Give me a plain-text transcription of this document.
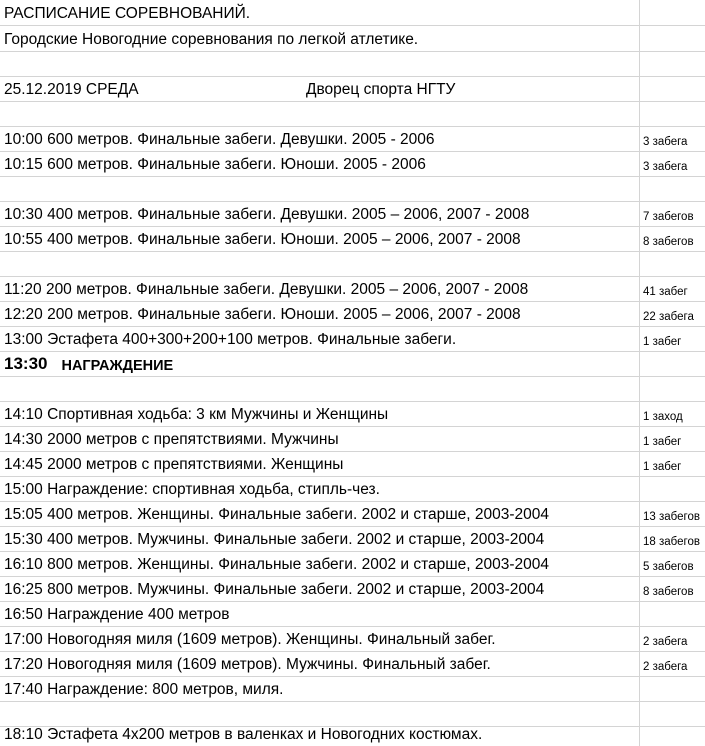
РАСПИСАНИЕ СОРЕВНОВАНИЙ.
Городские Новогодние соревнования по легкой атлетике.
25.12.2019 СРЕДА	Дворец спорта НГТУ
10:00 600 метров. Финальные забеги. Девушки. 2005 - 2006	3 забега
10:15 600 метров. Финальные забеги. Юноши. 2005 - 2006	3 забега
10:30 400 метров. Финальные забеги. Девушки. 2005 – 2006, 2007 - 2008	7 забегов
10:55 400 метров. Финальные забеги. Юноши. 2005 – 2006, 2007 - 2008	8 забегов
11:20 200 метров. Финальные забеги. Девушки. 2005 – 2006, 2007 - 2008	41 забег
12:20 200 метров. Финальные забеги. Юноши. 2005 – 2006, 2007 - 2008	22 забега
13:00 Эстафета 400+300+200+100 метров. Финальные забеги.	1 забег
13:30 НАГРАЖДЕНИЕ
14:10 Спортивная ходьба: 3 км Мужчины и Женщины	1 заход
14:30 2000 метров с препятствиями. Мужчины	1 забег
14:45 2000 метров с препятствиями. Женщины	1 забег
15:00 Награждение: спортивная ходьба, стипль-чез.
15:05 400 метров. Женщины. Финальные забеги. 2002 и старше, 2003-2004	13 забегов
15:30 400 метров. Мужчины. Финальные забеги. 2002 и старше, 2003-2004	18 забегов
16:10 800 метров. Женщины. Финальные забеги. 2002 и старше, 2003-2004	5 забегов
16:25 800 метров. Мужчины. Финальные забеги. 2002 и старше, 2003-2004	8 забегов
16:50 Награждение 400 метров
17:00 Новогодняя миля (1609 метров). Женщины. Финальный забег.	2 забега
17:20 Новогодняя миля (1609 метров). Мужчины. Финальный забег.	2 забега
17:40 Награждение: 800 метров, миля.
18:10 Эстафета 4х200 метров в валенках и Новогодних костюмах.
